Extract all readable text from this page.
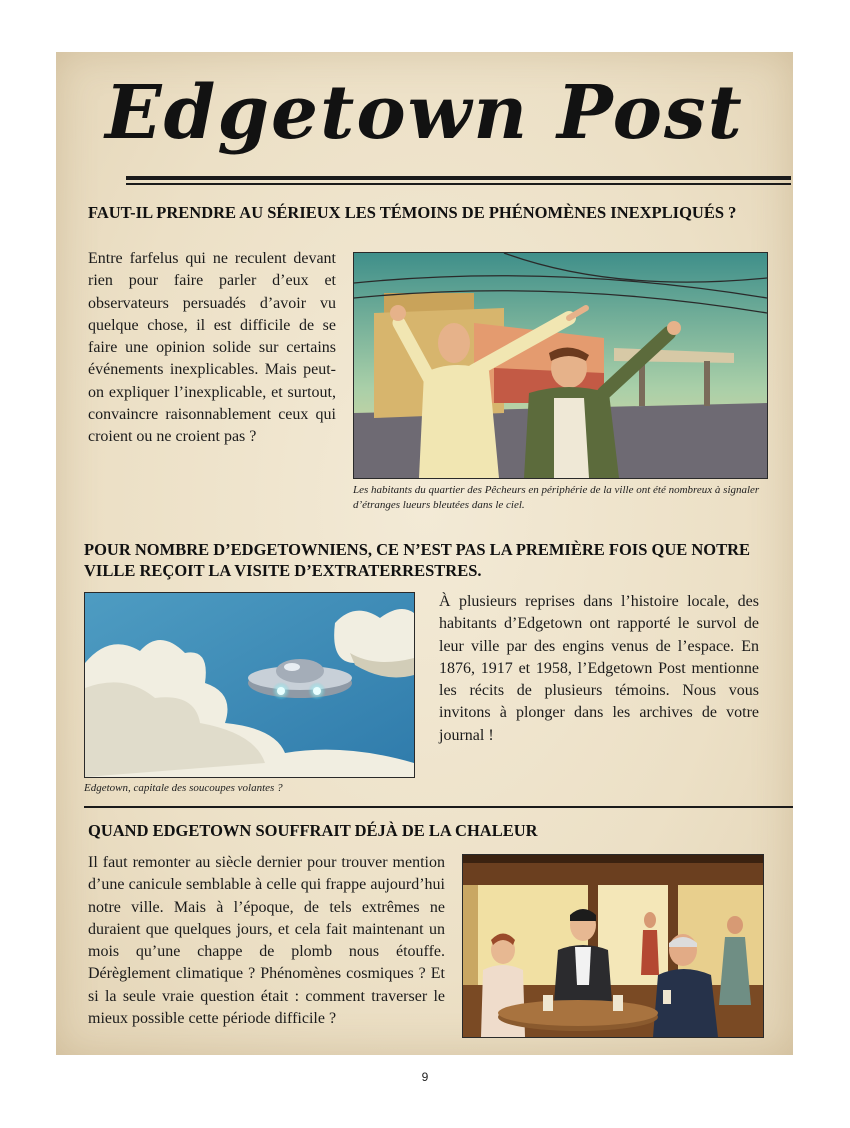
Edgetown Post
FAUT-IL PRENDRE AU SÉRIEUX LES TÉMOINS DE PHÉNOMÈNES INEXPLIQUÉS ?
Entre farfelus qui ne reculent devant rien pour faire parler d’eux et observateurs persuadés d’avoir vu quelque chose, il est difficile de se faire une opinion solide sur certains événements inexplicables. Mais peut-on expliquer l’inexplicable, et surtout, convaincre raisonnablement ceux qui croient ou ne croient pas ?
Les habitants du quartier des Pêcheurs en périphérie de la ville ont été nombreux à signaler d’étranges lueurs bleutées dans le ciel.
POUR NOMBRE D’EDGETOWNIENS, CE N’EST PAS LA PREMIÈRE FOIS QUE NOTRE VILLE REÇOIT LA VISITE D’EXTRATERRESTRES.
Edgetown, capitale des soucoupes volantes ?
À plusieurs reprises dans l’histoire locale, des habitants d’Edgetown ont rapporté le survol de leur ville par des engins venus de l’espace. En 1876, 1917 et 1958, l’Edgetown Post mentionne les récits de plusieurs témoins. Nous vous invitons à plonger dans les archives de votre journal !
QUAND EDGETOWN SOUFFRAIT DÉJÀ DE LA CHALEUR
Il faut remonter au siècle dernier pour trouver mention d’une canicule semblable à celle qui frappe aujourd’hui notre ville. Mais à l’époque, de tels extrêmes ne duraient que quelques jours, et cela fait maintenant un mois qu’une chappe de plomb nous étouffe. Dérèglement climatique ? Phénomènes cosmiques ? Et si la seule vraie question était : comment traverser le mieux possible cette période difficile ?
9
